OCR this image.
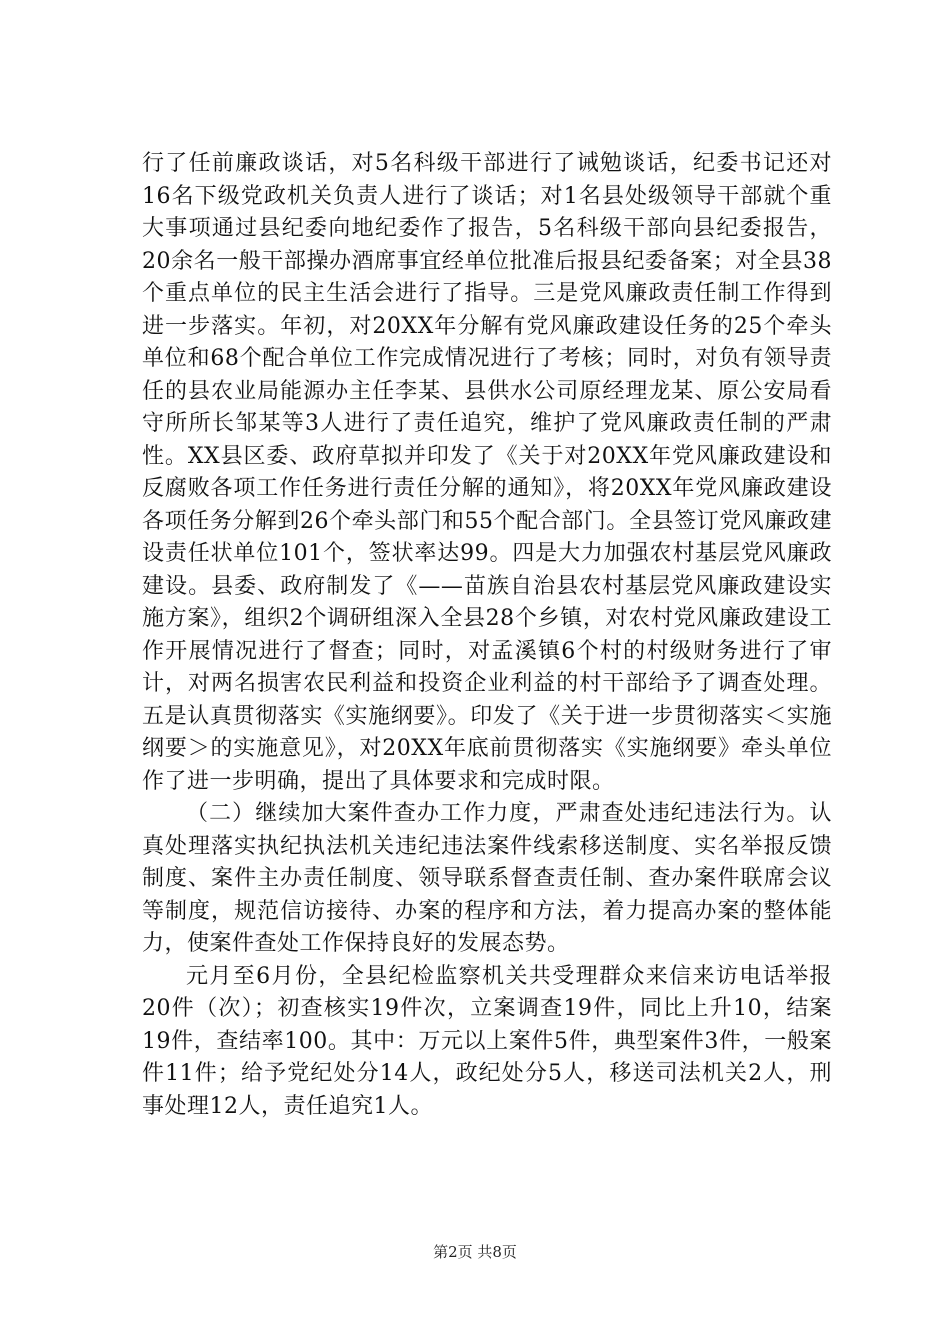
行了任前廉政谈话，对5名科级干部进行了诫勉谈话，纪委书记还对16名下级党政机关负责人进行了谈话；对1名县处级领导干部就个重大事项通过县纪委向地纪委作了报告，5名科级干部向县纪委报告，20余名一般干部操办酒席事宜经单位批准后报县纪委备案；对全县38个重点单位的民主生活会进行了指导。三是党风廉政责任制工作得到进一步落实。年初，对20XX年分解有党风廉政建设任务的25个牵头单位和68个配合单位工作完成情况进行了考核；同时，对负有领导责任的县农业局能源办主任李某、县供水公司原经理龙某、原公安局看守所所长邹某等3人进行了责任追究，维护了党风廉政责任制的严肃性。XX县区委、政府草拟并印发了《关于对20XX年党风廉政建设和反腐败各项工作任务进行责任分解的通知》，将20XX年党风廉政建设各项任务分解到26个牵头部门和55个配合部门。全县签订党风廉政建设责任状单位101个，签状率达99。四是大力加强农村基层党风廉政建设。县委、政府制发了《——苗族自治县农村基层党风廉政建设实施方案》，组织2个调研组深入全县28个乡镇，对农村党风廉政建设工作开展情况进行了督查；同时，对孟溪镇6个村的村级财务进行了审计，对两名损害农民利益和投资企业利益的村干部给予了调查处理。五是认真贯彻落实《实施纲要》。印发了《关于进一步贯彻落实＜实施纲要＞的实施意见》，对20XX年底前贯彻落实《实施纲要》牵头单位作了进一步明确，提出了具体要求和完成时限。

（二）继续加大案件查办工作力度，严肃查处违纪违法行为。认真处理落实执纪执法机关违纪违法案件线索移送制度、实名举报反馈制度、案件主办责任制度、领导联系督查责任制、查办案件联席会议等制度，规范信访接待、办案的程序和方法，着力提高办案的整体能力，使案件查处工作保持良好的发展态势。

元月至6月份，全县纪检监察机关共受理群众来信来访电话举报20件（次）；初查核实19件次，立案调查19件，同比上升10，结案19件，查结率100。其中：万元以上案件5件，典型案件3件，一般案件11件；给予党纪处分14人，政纪处分5人，移送司法机关2人，刑事处理12人，责任追究1人。

第2页 共8页
